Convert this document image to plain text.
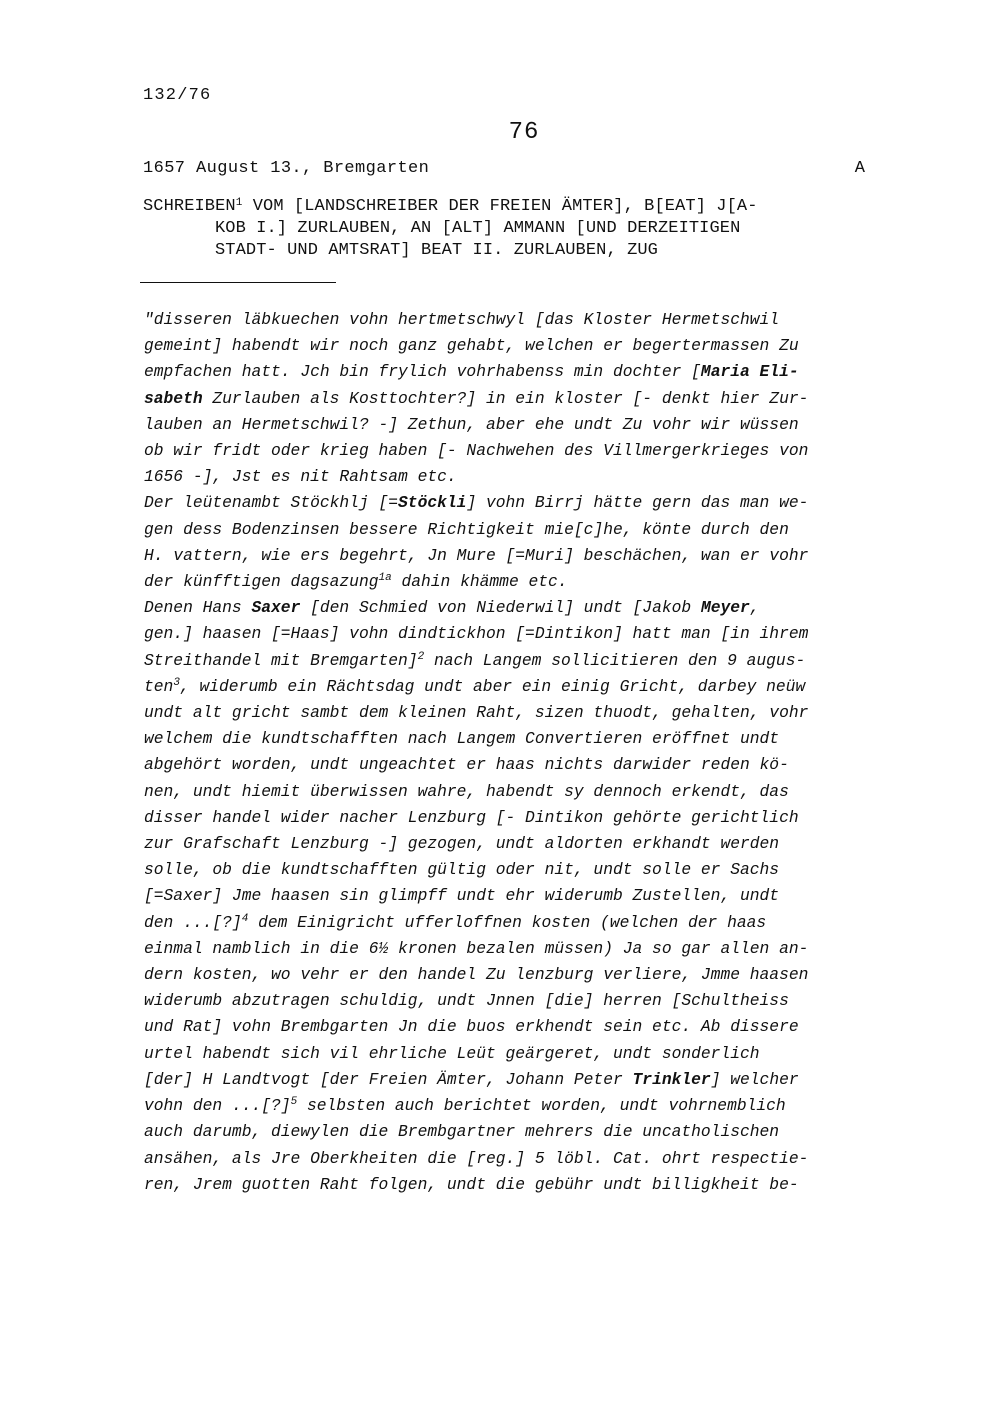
132/76
76
1657 August 13., Bremgarten	A
SCHREIBEN$^1$ VOM [LANDSCHREIBER DER FREIEN ÄMTER], B[EAT] J[A-
KOB I.] ZURLAUBEN, AN [ALT] AMMANN [UND DERZEITIGEN
STADT- UND AMTSRAT] BEAT II. ZURLAUBEN, ZUG
"disseren läbkuechen vohn hertmetschwyl [das Kloster Hermetschwil
gemeint] habendt wir noch ganz gehabt, welchen er begertermassen Zu
empfachen hatt. Jch bin frylich vohrhabenss min dochter [Maria Eli-
sabeth Zurlauben als Kosttochter?] in ein kloster [- denkt hier Zur-
lauben an Hermetschwil? -] Zethun, aber ehe undt Zu vohr wir wüssen
ob wir fridt oder krieg haben [- Nachwehen des Villmergerkrieges von
1656 -], Jst es nit Rahtsam etc.
Der leütenambt Stöckhlj [=Stöckli] vohn Birrj hätte gern das man we-
gen dess Bodenzinsen bessere Richtigkeit mie[c]he, könte durch den
H. vattern, wie ers begehrt, Jn Mure [=Muri] beschächen, wan er vohr
der künfftigen dagsazung$^{1a}$ dahin khämme etc.
Denen Hans Saxer [den Schmied von Niederwil] undt [Jakob Meyer,
gen.] haasen [=Haas] vohn dindtickhon [=Dintikon] hatt man [in ihrem
Streithandel mit Bremgarten]$^2$ nach Langem sollicitieren den 9 augus-
ten$^3$, widerumb ein Rächtsdag undt aber ein einig Gricht, darbey neüw
undt alt gricht sambt dem kleinen Raht, sizen thuodt, gehalten, vohr
welchem die kundtschafften nach Langem Convertieren eröffnet undt
abgehört worden, undt ungeachtet er haas nichts darwider reden kö-
nen, undt hiemit überwissen wahre, habendt sy dennoch erkendt, das
disser handel wider nacher Lenzburg [- Dintikon gehörte gerichtlich
zur Grafschaft Lenzburg -] gezogen, undt aldorten erkhandt werden
solle, ob die kundtschafften gültig oder nit, undt solle er Sachs
[=Saxer] Jme haasen sin glimpff undt ehr widerumb Zustellen, undt
den ...[?]$^4$ dem Einigricht ufferloffnen kosten (welchen der haas
einmal namblich in die 6½ kronen bezalen müssen) Ja so gar allen an-
dern kosten, wo vehr er den handel Zu lenzburg verliere, Jmme haasen
widerumb abzutragen schuldig, undt Jnnen [die] herren [Schultheiss
und Rat] vohn Brembgarten Jn die buos erkhendt sein etc. Ab dissere
urtel habendt sich vil ehrliche Leüt geärgeret, undt sonderlich
[der] H Landtvogt [der Freien Ämter, Johann Peter Trinkler] welcher
vohn den ...[?]$^5$ selbsten auch berichtet worden, undt vohrnemblich
auch darumb, diewylen die Brembgartner mehrers die uncatholischen
ansähen, als Jre Oberkheiten die [reg.] 5 löbl. Cat. ohrt respectie-
ren, Jrem guotten Raht folgen, undt die gebühr undt billigkheit be-
